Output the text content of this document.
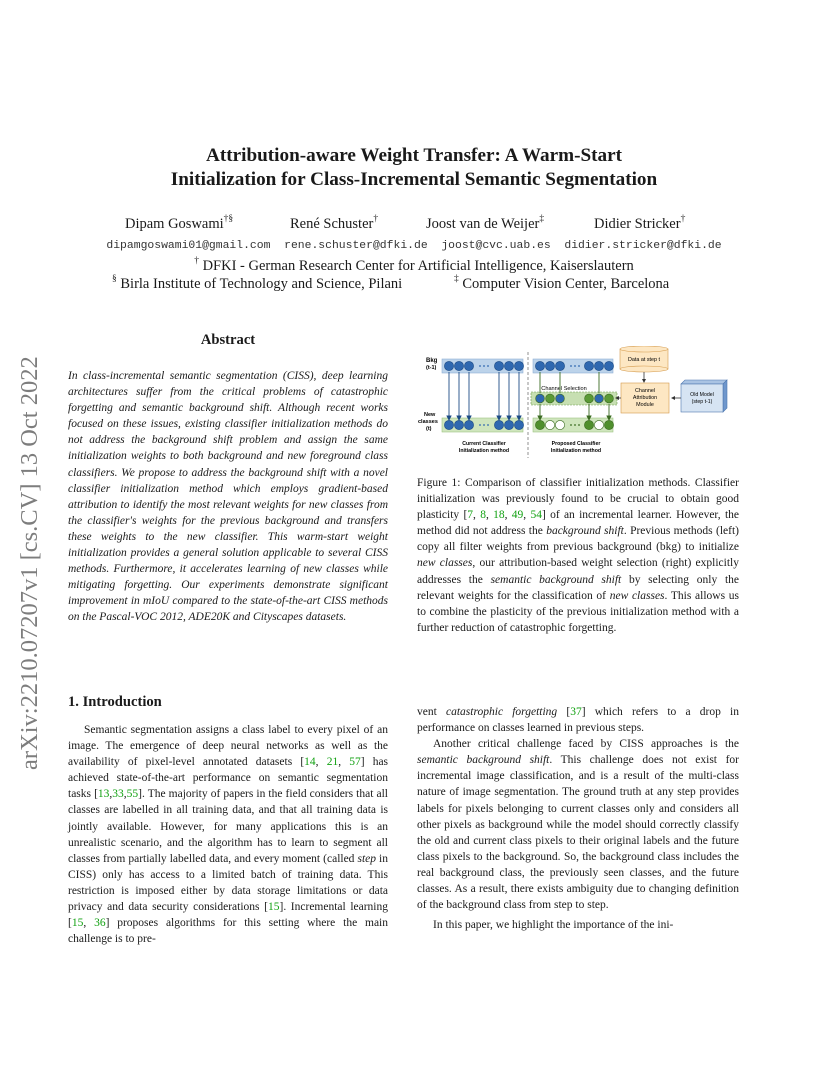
arXiv:2210.07207v1 [cs.CV] 13 Oct 2022
Attribution-aware Weight Transfer: A Warm-Start
Initialization for Class-Incremental Semantic Segmentation
Dipam Goswami†§	René Schuster†	Joost van de Weijer‡	Didier Stricker†
dipamgoswami01@gmail.com  rene.schuster@dfki.de  joost@cvc.uab.es  didier.stricker@dfki.de
† DFKI - German Research Center for Artificial Intelligence, Kaiserslautern
§ Birla Institute of Technology and Science, Pilani	‡ Computer Vision Center, Barcelona
Abstract
In class-incremental semantic segmentation (CISS), deep learning architectures suffer from the critical problems of catastrophic forgetting and semantic background shift. Although recent works focused on these issues, existing classifier initialization methods do not address the background shift problem and assign the same initialization weights to both background and new foreground class classifiers. We propose to address the background shift with a novel classifier initialization method which employs gradient-based attribution to identify the most relevant weights for new classes from the classifier's weights for the previous background and transfers these weights to the new classifier. This warm-start weight initialization provides a general solution applicable to several CISS methods. Furthermore, it accelerates learning of new classes while mitigating forgetting. Our experiments demonstrate significant improvement in mIoU compared to the state-of-the-art CISS methods on the Pascal-VOC 2012, ADE20K and Cityscapes datasets.
Bkg
(t-1)
New
classes
(t)
Current Classifier
Initialization method
Channel Selection
Proposed Classifier
Initialization method
Data at step t
Channel
Attribution
Module
Old Model
(step t-1)
Figure 1: Comparison of classifier initialization methods. Classifier initialization was previously found to be crucial to obtain good plasticity [7, 8, 18, 49, 54] of an incremental learner. However, the method did not address the background shift. Previous methods (left) copy all filter weights from previous background (bkg) to initialize new classes, our attribution-based weight selection (right) explicitly addresses the semantic background shift by selecting only the relevant weights for the classification of new classes. This allows us to combine the plasticity of the previous initialization method with a further reduction of catastrophic forgetting.
1. Introduction

Semantic segmentation assigns a class label to every pixel of an image. The emergence of deep neural networks as well as the availability of pixel-level annotated datasets [14, 21, 57] has achieved state-of-the-art performance on semantic segmentation tasks [13,33,55]. The majority of papers in the field considers that all classes are labelled in all training data, and that all training data is jointly available. However, for many applications this is an unrealistic scenario, and the algorithm has to learn to segment all classes from partially labelled data, and every moment (called step in CISS) only has access to a limited batch of training data. This restriction is imposed either by data storage limitations or data privacy and data security considerations [15]. Incremental learning [15, 36] proposes algorithms for this setting where the main challenge is to pre-

vent catastrophic forgetting [37] which refers to a drop in performance on classes learned in previous steps.

Another critical challenge faced by CISS approaches is the semantic background shift. This challenge does not exist for incremental image classification, and is a result of the multi-class nature of image segmentation. The ground truth at any step provides labels for pixels belonging to current classes only and considers all other pixels as background while the model should correctly classify the old and current class pixels to their original labels and the future class pixels to the background. So, the background class includes the real background class, the previously seen classes, and the future classes. As a result, there exists ambiguity due to changing definition of the background class from step to step.

In this paper, we highlight the importance of the ini-
